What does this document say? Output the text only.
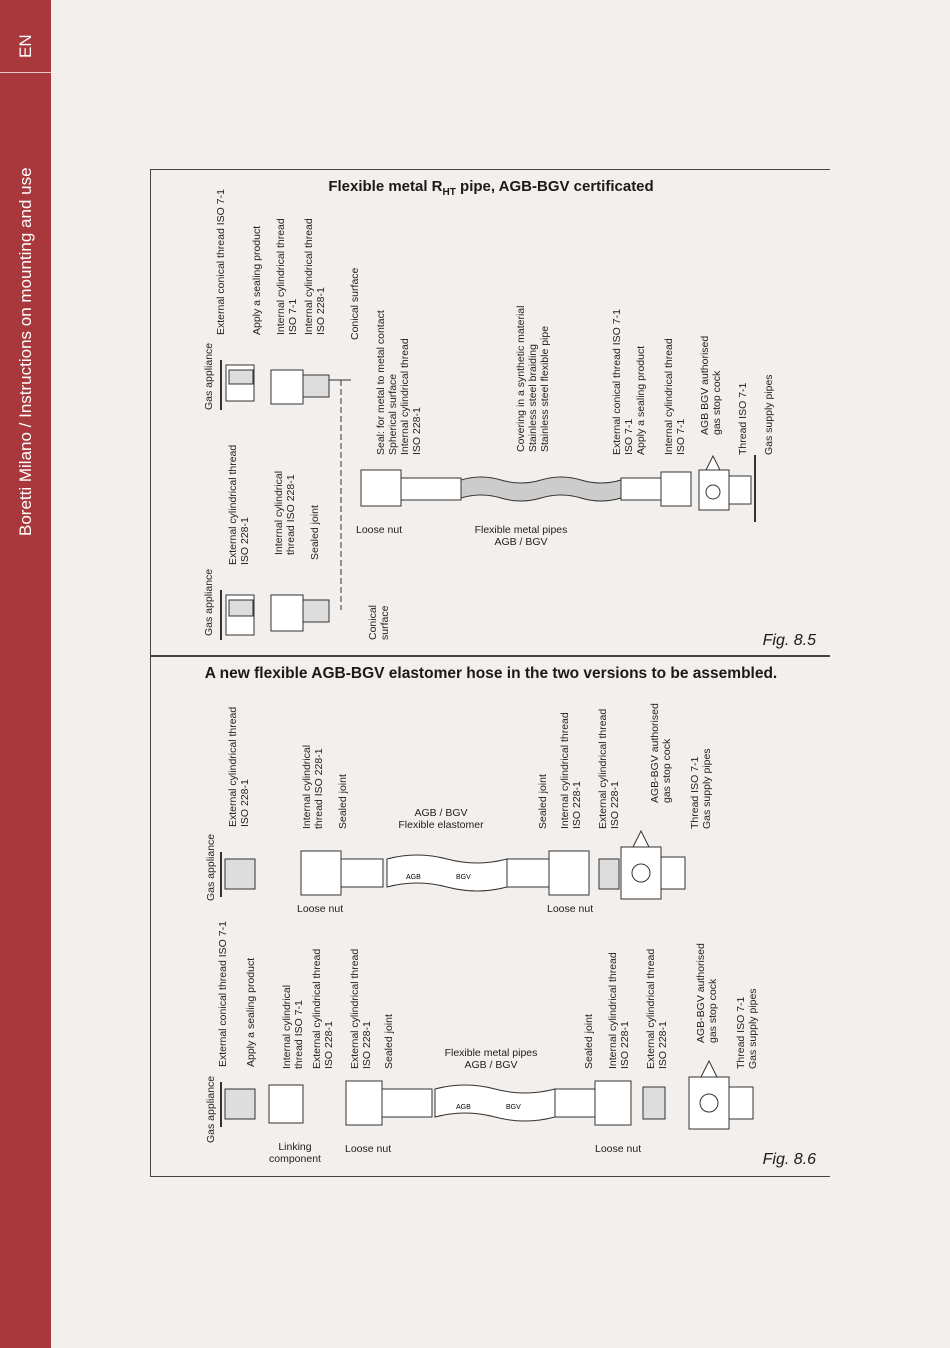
EN
Boretti Milano / Instructions on mounting and use	Flexible metal $R_{HT}$ pipe, AGB-BGV certificated
Gas appliance
External conical thread ISO 7-1 Apply a sealing product Internal cylindrical thread
ISO 7-1 Internal cylindrical thread
ISO 228-1 Conical surface
Gas appliance
External cylindrical thread
ISO 228-1 Internal cylindrical
thread ISO 228-1 Sealed joint
Conical
surface
Seal: for metal to metal contact
Spherical surface
Internal cylindrical thread
ISO 228-1
Loose nut
Covering in a synthetic material
Stainless steel braiding
Stainless steel flexible pipe
Flexible metal pipes
AGB / BGV
External conical thread ISO 7-1
ISO 7-1
Apply a sealing product Internal cylindrical thread
ISO 7-1
AGB BGV authorised
gas stop cock Thread ISO 7-1 Gas supply pipes
Fig. 8.5
A new flexible AGB-BGV elastomer hose in the two versions to be assembled.
AGB	BGV
AGB	BGV
Gas appliance
External cylindrical thread
ISO 228-1	Internal cylindrical
thread ISO 228-1 Sealed joint	AGB / BGV
Flexible elastomer	Sealed joint Internal cylindrical thread
ISO 228-1 External cylindrical thread
ISO 228-1
AGB-BGV authorised
gas stop cock Thread ISO 7-1
Gas supply pipes
Loose nut	Loose nut
Gas appliance
External conical thread ISO 7-1 Apply a sealing product Internal cylindrical
thread ISO 7-1 External cylindrical thread
ISO 228-1 External cylindrical thread
ISO 228-1 Sealed joint	Flexible metal pipes
AGB / BGV	Sealed joint Internal cylindrical thread
ISO 228-1 External cylindrical thread
ISO 228-1
AGB-BGV authorised
gas stop cock Thread ISO 7-1
Gas supply pipes
Linking
component
Loose nut	Loose nut
Fig. 8.6
